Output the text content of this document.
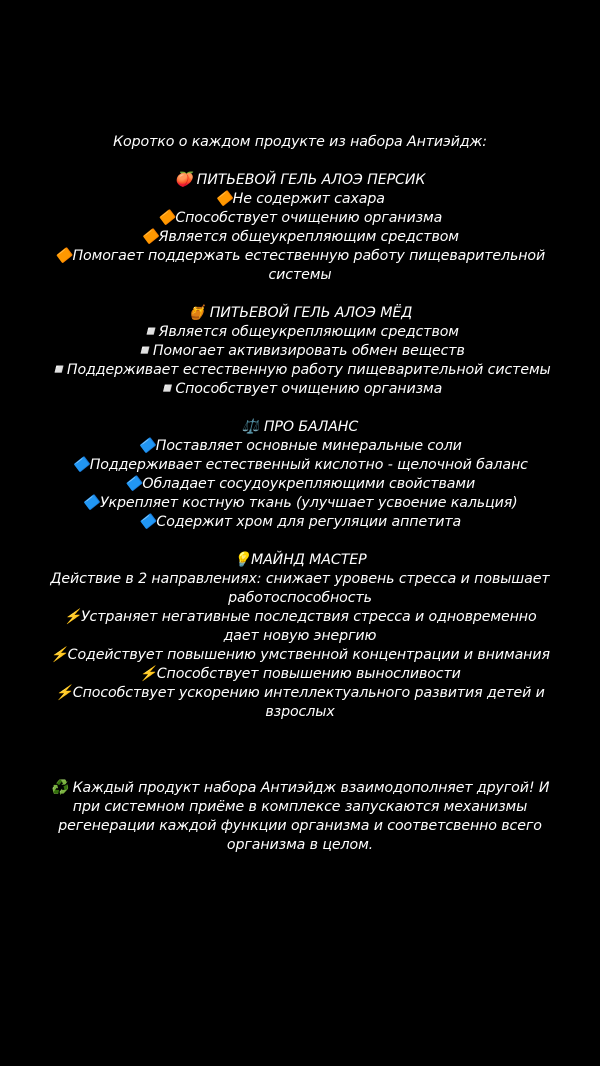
Коротко о каждом продукте из набора Антиэйдж:
🍑 ПИТЬЕВОЙ ГЕЛЬ АЛОЭ ПЕРСИК
🔶Не содержит сахара
🔶Способствует очищению организма
🔶Является общеукрепляющим средством
🔶Помогает поддержать естественную работу пищеварительной
системы
🍯 ПИТЬЕВОЙ ГЕЛЬ АЛОЭ МЁД
◽️Является общеукрепляющим средством
◽️Помогает активизировать обмен веществ
◽️Поддерживает естественную работу пищеварительной системы
◽️Способствует очищению организма
⚖️ ПРО БАЛАНС
🔷Поставляет основные минеральные соли
🔷Поддерживает естественный кислотно - щелочной баланс
🔷Обладает сосудоукрепляющими свойствами
🔷Укрепляет костную ткань (улучшает усвоение кальция)
🔷Содержит хром для регуляции аппетита
💡МАЙНД МАСТЕР
Действие в 2 направлениях: снижает уровень стресса и повышает
работоспособность
⚡️Устраняет негативные последствия стресса и одновременно
дает новую энергию
⚡️Содействует повышению умственной концентрации и внимания
⚡️Способствует повышению выносливости
⚡️Способствует ускорению интеллектуального развития детей и
взрослых
♻️ Каждый продукт набора Антиэйдж взаимодополняет другой! И
при системном приёме в комплексе запускаются механизмы
регенерации каждой функции организма и соответсвенно всего
организма в целом.
